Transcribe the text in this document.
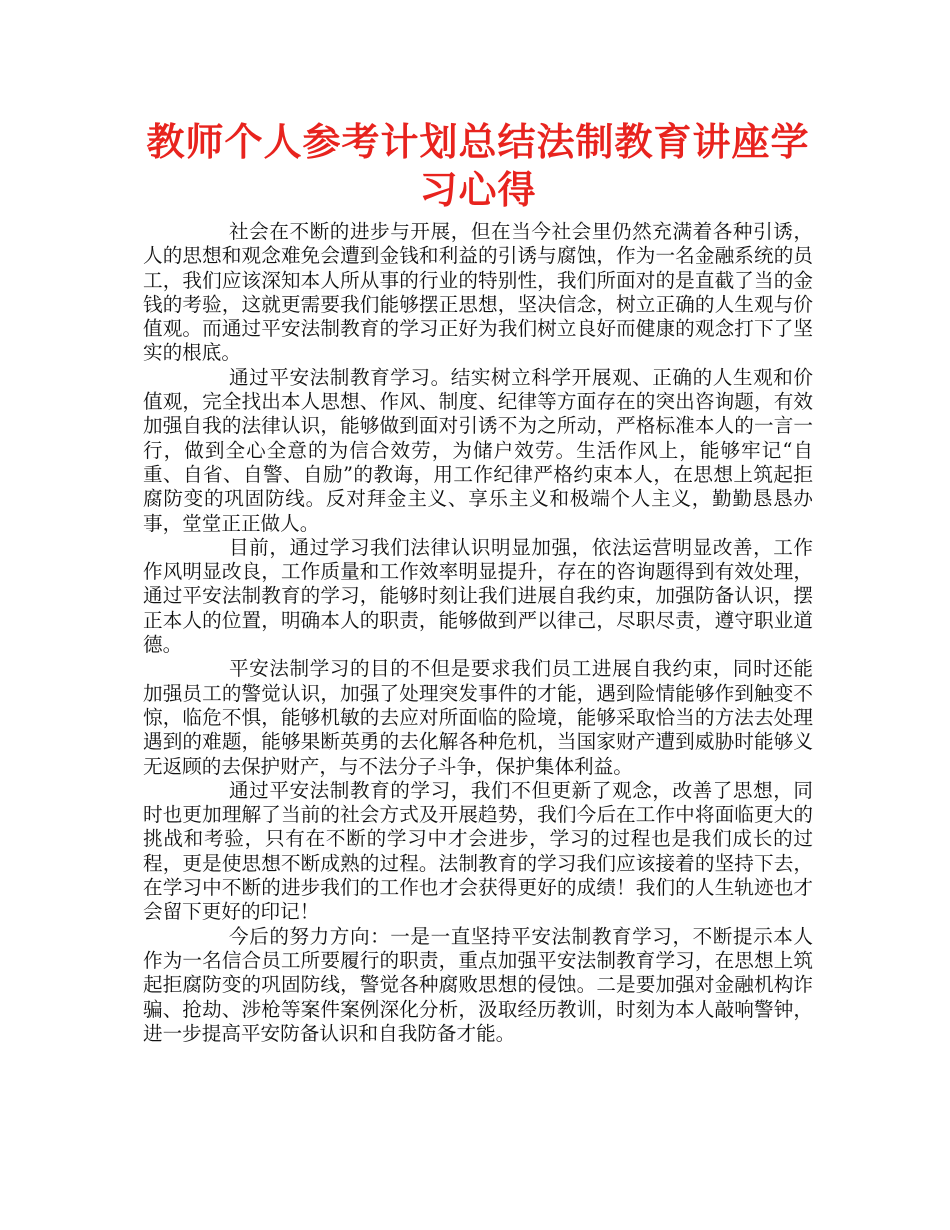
教师个人参考计划总结法制教育讲座学习心得

社会在不断的进步与开展，但在当今社会里仍然充满着各种引诱，人的思想和观念难免会遭到金钱和利益的引诱与腐蚀，作为一名金融系统的员工，我们应该深知本人所从事的行业的特别性，我们所面对的是直截了当的金钱的考验，这就更需要我们能够摆正思想，坚决信念，树立正确的人生观与价值观。而通过平安法制教育的学习正好为我们树立良好而健康的观念打下了坚实的根底。

通过平安法制教育学习。结实树立科学开展观、正确的人生观和价值观，完全找出本人思想、作风、制度、纪律等方面存在的突出咨询题，有效加强自我的法律认识，能够做到面对引诱不为之所动，严格标准本人的一言一行，做到全心全意的为信合效劳，为储户效劳。生活作风上，能够牢记“自重、自省、自警、自励”的教诲，用工作纪律严格约束本人，在思想上筑起拒腐防变的巩固防线。反对拜金主义、享乐主义和极端个人主义，勤勤恳恳办事，堂堂正正做人。

目前，通过学习我们法律认识明显加强，依法运营明显改善，工作作风明显改良，工作质量和工作效率明显提升，存在的咨询题得到有效处理，通过平安法制教育的学习，能够时刻让我们进展自我约束，加强防备认识，摆正本人的位置，明确本人的职责，能够做到严以律己，尽职尽责，遵守职业道德。

平安法制学习的目的不但是要求我们员工进展自我约束，同时还能加强员工的警觉认识，加强了处理突发事件的才能，遇到险情能够作到触变不惊，临危不惧，能够机敏的去应对所面临的险境，能够采取恰当的方法去处理遇到的难题，能够果断英勇的去化解各种危机，当国家财产遭到威胁时能够义无返顾的去保护财产，与不法分子斗争，保护集体利益。

通过平安法制教育的学习，我们不但更新了观念，改善了思想，同时也更加理解了当前的社会方式及开展趋势，我们今后在工作中将面临更大的挑战和考验，只有在不断的学习中才会进步，学习的过程也是我们成长的过程，更是使思想不断成熟的过程。法制教育的学习我们应该接着的坚持下去，在学习中不断的进步我们的工作也才会获得更好的成绩！我们的人生轨迹也才会留下更好的印记！

今后的努力方向：一是一直坚持平安法制教育学习，不断提示本人作为一名信合员工所要履行的职责，重点加强平安法制教育学习，在思想上筑起拒腐防变的巩固防线，警觉各种腐败思想的侵蚀。二是要加强对金融机构诈骗、抢劫、涉枪等案件案例深化分析，汲取经历教训，时刻为本人敲响警钟，进一步提高平安防备认识和自我防备才能。
